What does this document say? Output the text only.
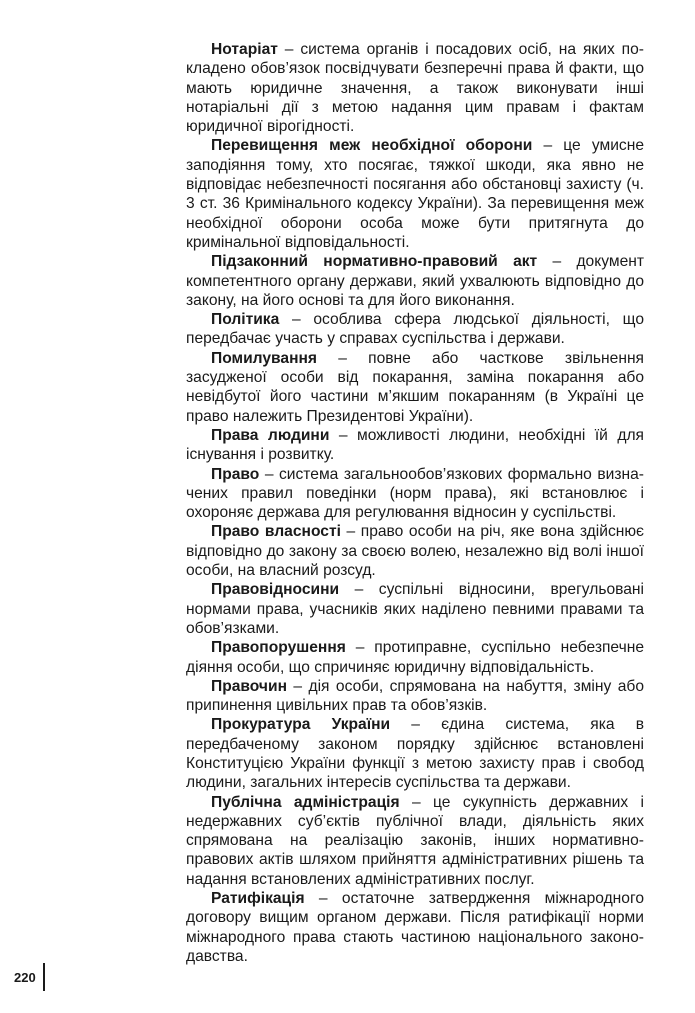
Нотаріат – система органів і посадових осіб, на яких покладено обов’язок посвідчувати безперечні права й факти, що мають юридичне значення, а також виконувати інші нотаріальні дії з метою надання цим правам і фактам юридичної вірогідності.

Перевищення меж необхідної оборони – це умисне заподіяння тому, хто посягає, тяжкої шкоди, яка явно не відповідає небезпечності посягання або обстановці захисту (ч. 3 ст. 36 Кримінального кодексу України). За перевищення меж необхідної оборони особа може бути притягнута до кримінальної відповідальності.

Підзаконний нормативно-правовий акт – документ компетентного органу держави, який ухвалюють відповідно до закону, на його основі та для його виконання.

Політика – особлива сфера людської діяльності, що передбачає участь у справах суспільства і держави.

Помилування – повне або часткове звільнення засудженої особи від покарання, заміна покарання або невідбутої його частини м’якшим покаранням (в Україні це право належить Президентові України).

Права людини – можливості людини, необхідні їй для існування і розвитку.

Право – система загальнообов’язкових формально визначених правил поведінки (норм права), які встановлює і охороняє держава для регулювання відносин у суспільстві.

Право власності – право особи на річ, яке вона здійснює відповідно до закону за своєю волею, незалежно від волі іншої особи, на власний розсуд.

Правовідносини – суспільні відносини, врегульовані нормами права, учасників яких наділено певними правами та обов’язками.

Правопорушення – протиправне, суспільно небезпечне діяння особи, що спричиняє юридичну відповідальність.

Правочин – дія особи, спрямована на набуття, зміну або припинення цивільних прав та обов’язків.

Прокуратура України – єдина система, яка в передбаченому законом порядку здійснює встановлені Конституцією України функції з метою захисту прав і свобод людини, загальних інтересів суспільства та держави.

Публічна адміністрація – це сукупність державних і недержавних суб’єктів публічної влади, діяльність яких спрямована на реалізацію законів, інших нормативно-правових актів шляхом прийняття адміністративних рішень та надання встановлених адміністративних послуг.

Ратифікація – остаточне затвердження міжнародного договору вищим органом держави. Після ратифікації норми міжнародного права стають частиною національного законодавства.

220
